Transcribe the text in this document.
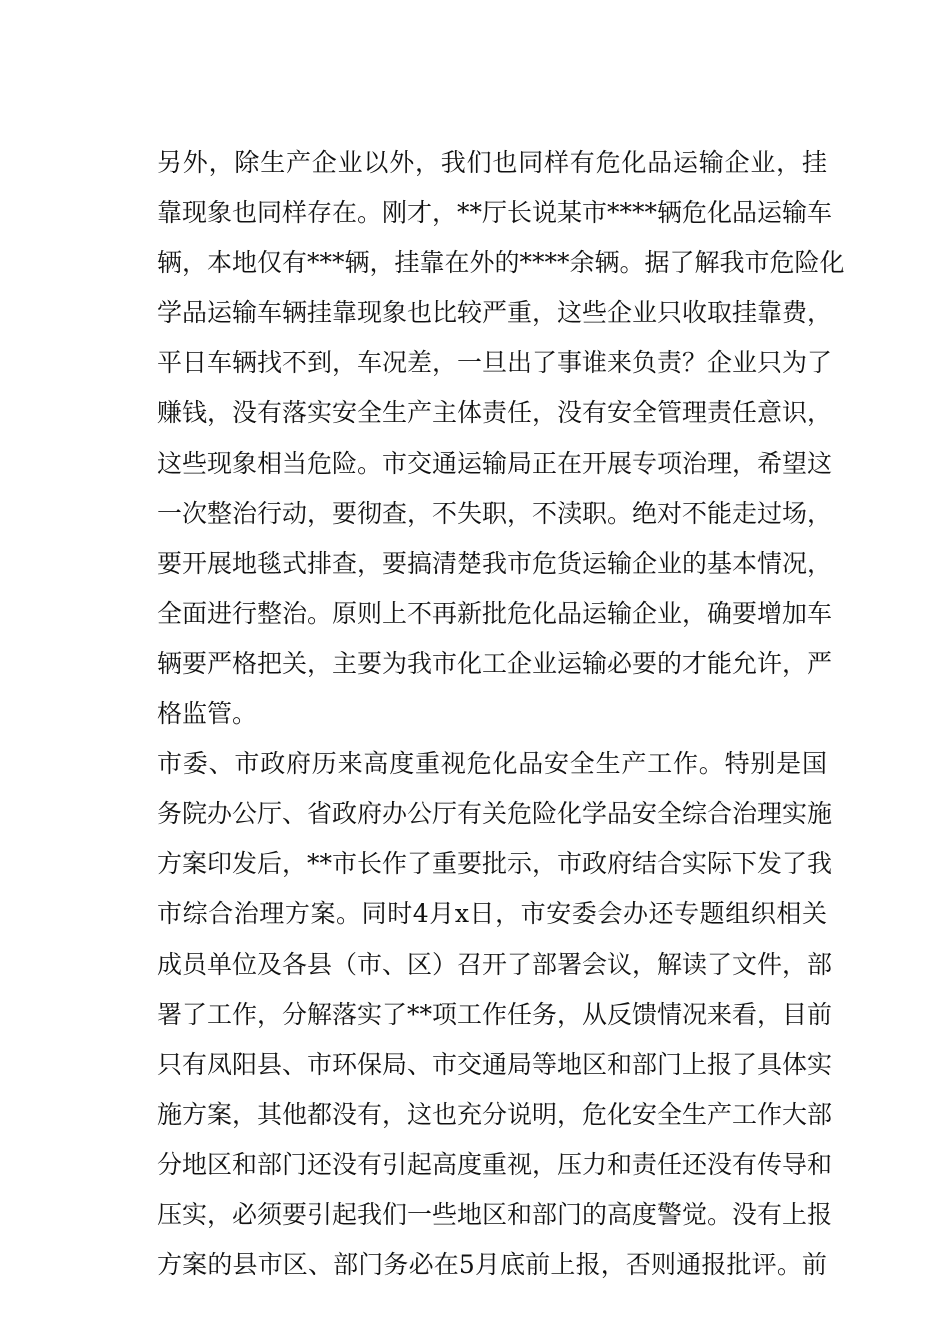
另外，除生产企业以外，我们也同样有危化品运输企业，挂
靠现象也同样存在。刚才，**厅长说某市****辆危化品运输车
辆，本地仅有***辆，挂靠在外的****余辆。据了解我市危险化
学品运输车辆挂靠现象也比较严重，这些企业只收取挂靠费，
平日车辆找不到，车况差，一旦出了事谁来负责？企业只为了
赚钱，没有落实安全生产主体责任，没有安全管理责任意识，
这些现象相当危险。市交通运输局正在开展专项治理，希望这
一次整治行动，要彻查，不失职，不渎职。绝对不能走过场，
要开展地毯式排查，要搞清楚我市危货运输企业的基本情况，
全面进行整治。原则上不再新批危化品运输企业，确要增加车
辆要严格把关，主要为我市化工企业运输必要的才能允许，严
格监管。
市委、市政府历来高度重视危化品安全生产工作。特别是国
务院办公厅、省政府办公厅有关危险化学品安全综合治理实施
方案印发后，**市长作了重要批示，市政府结合实际下发了我
市综合治理方案。同时4月x日，市安委会办还专题组织相关
成员单位及各县（市、区）召开了部署会议，解读了文件，部
署了工作，分解落实了**项工作任务，从反馈情况来看，目前
只有凤阳县、市环保局、市交通局等地区和部门上报了具体实
施方案，其他都没有，这也充分说明，危化安全生产工作大部
分地区和部门还没有引起高度重视，压力和责任还没有传导和
压实，必须要引起我们一些地区和部门的高度警觉。没有上报
方案的县市区、部门务必在5月底前上报，否则通报批评。前
